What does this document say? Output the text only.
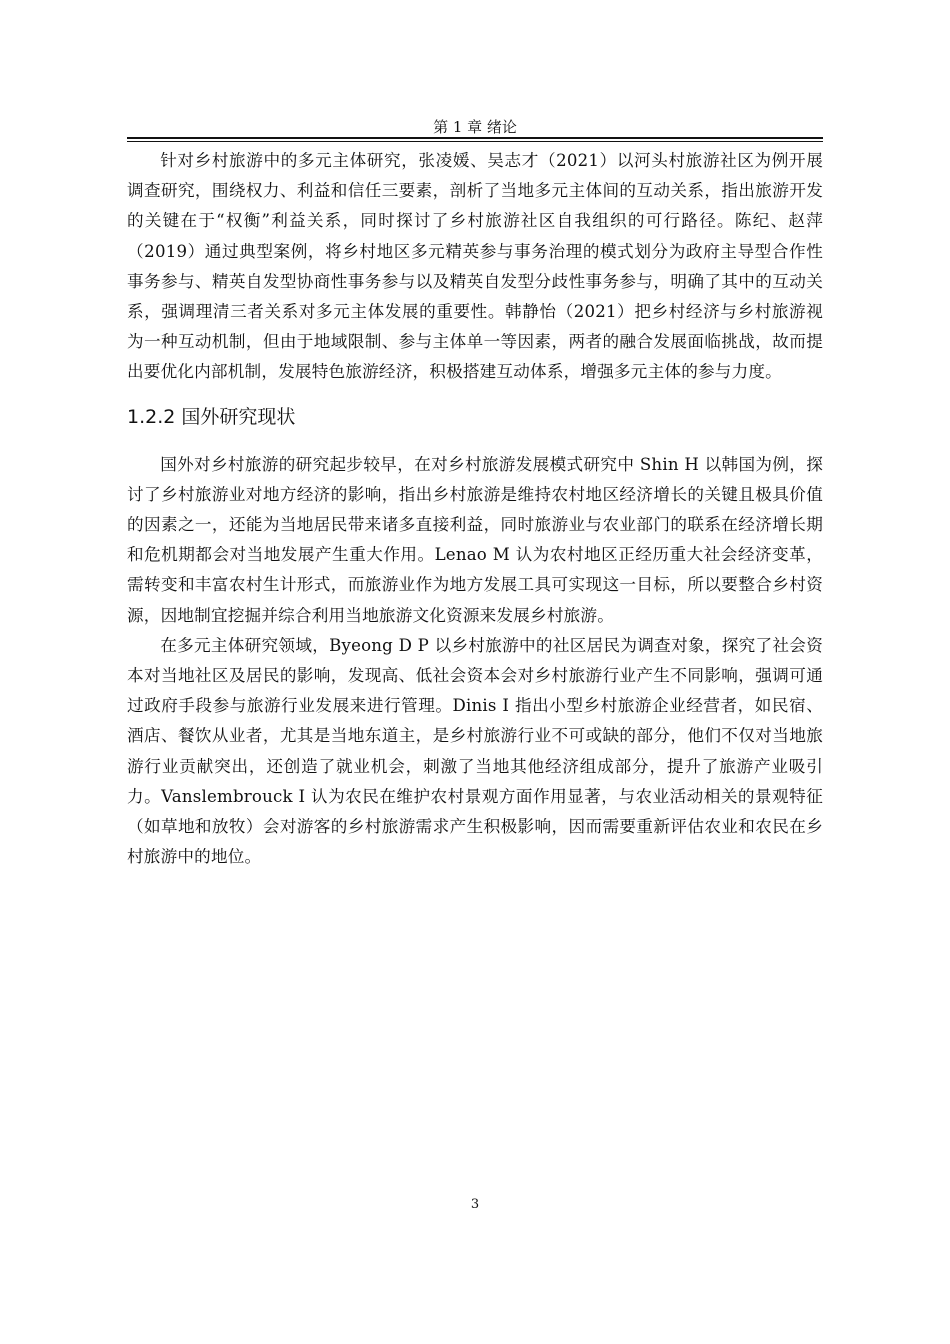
第 1 章 绪论

针对乡村旅游中的多元主体研究，张凌媛、吴志才（2021）以河头村旅游社区为例开展调查研究，围绕权力、利益和信任三要素，剖析了当地多元主体间的互动关系，指出旅游开发的关键在于“权衡”利益关系，同时探讨了乡村旅游社区自我组织的可行路径。陈纪、赵萍（2019）通过典型案例，将乡村地区多元精英参与事务治理的模式划分为政府主导型合作性事务参与、精英自发型协商性事务参与以及精英自发型分歧性事务参与，明确了其中的互动关系，强调理清三者关系对多元主体发展的重要性。韩静怡（2021）把乡村经济与乡村旅游视为一种互动机制，但由于地域限制、参与主体单一等因素，两者的融合发展面临挑战，故而提出要优化内部机制，发展特色旅游经济，积极搭建互动体系，增强多元主体的参与力度。

1.2.2 国外研究现状

国外对乡村旅游的研究起步较早，在对乡村旅游发展模式研究中 Shin H 以韩国为例，探讨了乡村旅游业对地方经济的影响，指出乡村旅游是维持农村地区经济增长的关键且极具价值的因素之一，还能为当地居民带来诸多直接利益，同时旅游业与农业部门的联系在经济增长期和危机期都会对当地发展产生重大作用。Lenao M 认为农村地区正经历重大社会经济变革，需转变和丰富农村生计形式，而旅游业作为地方发展工具可实现这一目标，所以要整合乡村资源，因地制宜挖掘并综合利用当地旅游文化资源来发展乡村旅游。

在多元主体研究领域，Byeong D P 以乡村旅游中的社区居民为调查对象，探究了社会资本对当地社区及居民的影响，发现高、低社会资本会对乡村旅游行业产生不同影响，强调可通过政府手段参与旅游行业发展来进行管理。Dinis I 指出小型乡村旅游企业经营者，如民宿、酒店、餐饮从业者，尤其是当地东道主，是乡村旅游行业不可或缺的部分，他们不仅对当地旅游行业贡献突出，还创造了就业机会，刺激了当地其他经济组成部分，提升了旅游产业吸引力。Vanslembrouck I 认为农民在维护农村景观方面作用显著，与农业活动相关的景观特征（如草地和放牧）会对游客的乡村旅游需求产生积极影响，因而需要重新评估农业和农民在乡村旅游中的地位。

3
